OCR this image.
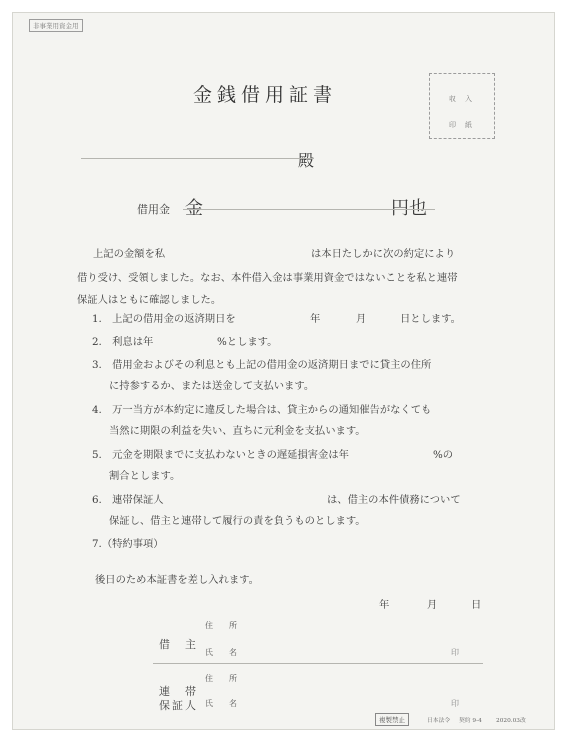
非事業用資金用
金銭借用証書	収入
印紙
殿
借用金 金	円也
上記の金額を私	は本日たしかに次の約定により
借り受け、受領しました。なお、本件借入金は事業用資金ではないことを私と連帯
保証人はともに確認しました。
1.　上記の借用金の返済期日を	年	月	日とします。
2.　利息は年	%とします。
3.　借用金およびその利息とも上記の借用金の返済期日までに貸主の住所
に持参するか、または送金して支払います。
4.　万一当方が本約定に違反した場合は、貸主からの通知催告がなくても
当然に期限の利益を失い、直ちに元利金を支払います。
5.　元金を期限までに支払わないときの遅延損害金は年	%の
割合とします。
6.　連帯保証人	は、借主の本件債務について
保証し、借主と連帯して履行の責を負うものとします。
7.（特約事項）
後日のため本証書を差し入れます。
年	月	日
借　主
住　所
氏　名	印
連　帯
保証人
住　所
氏　名	印
複製禁止	日本法令 契約 9-4 2020.03改
